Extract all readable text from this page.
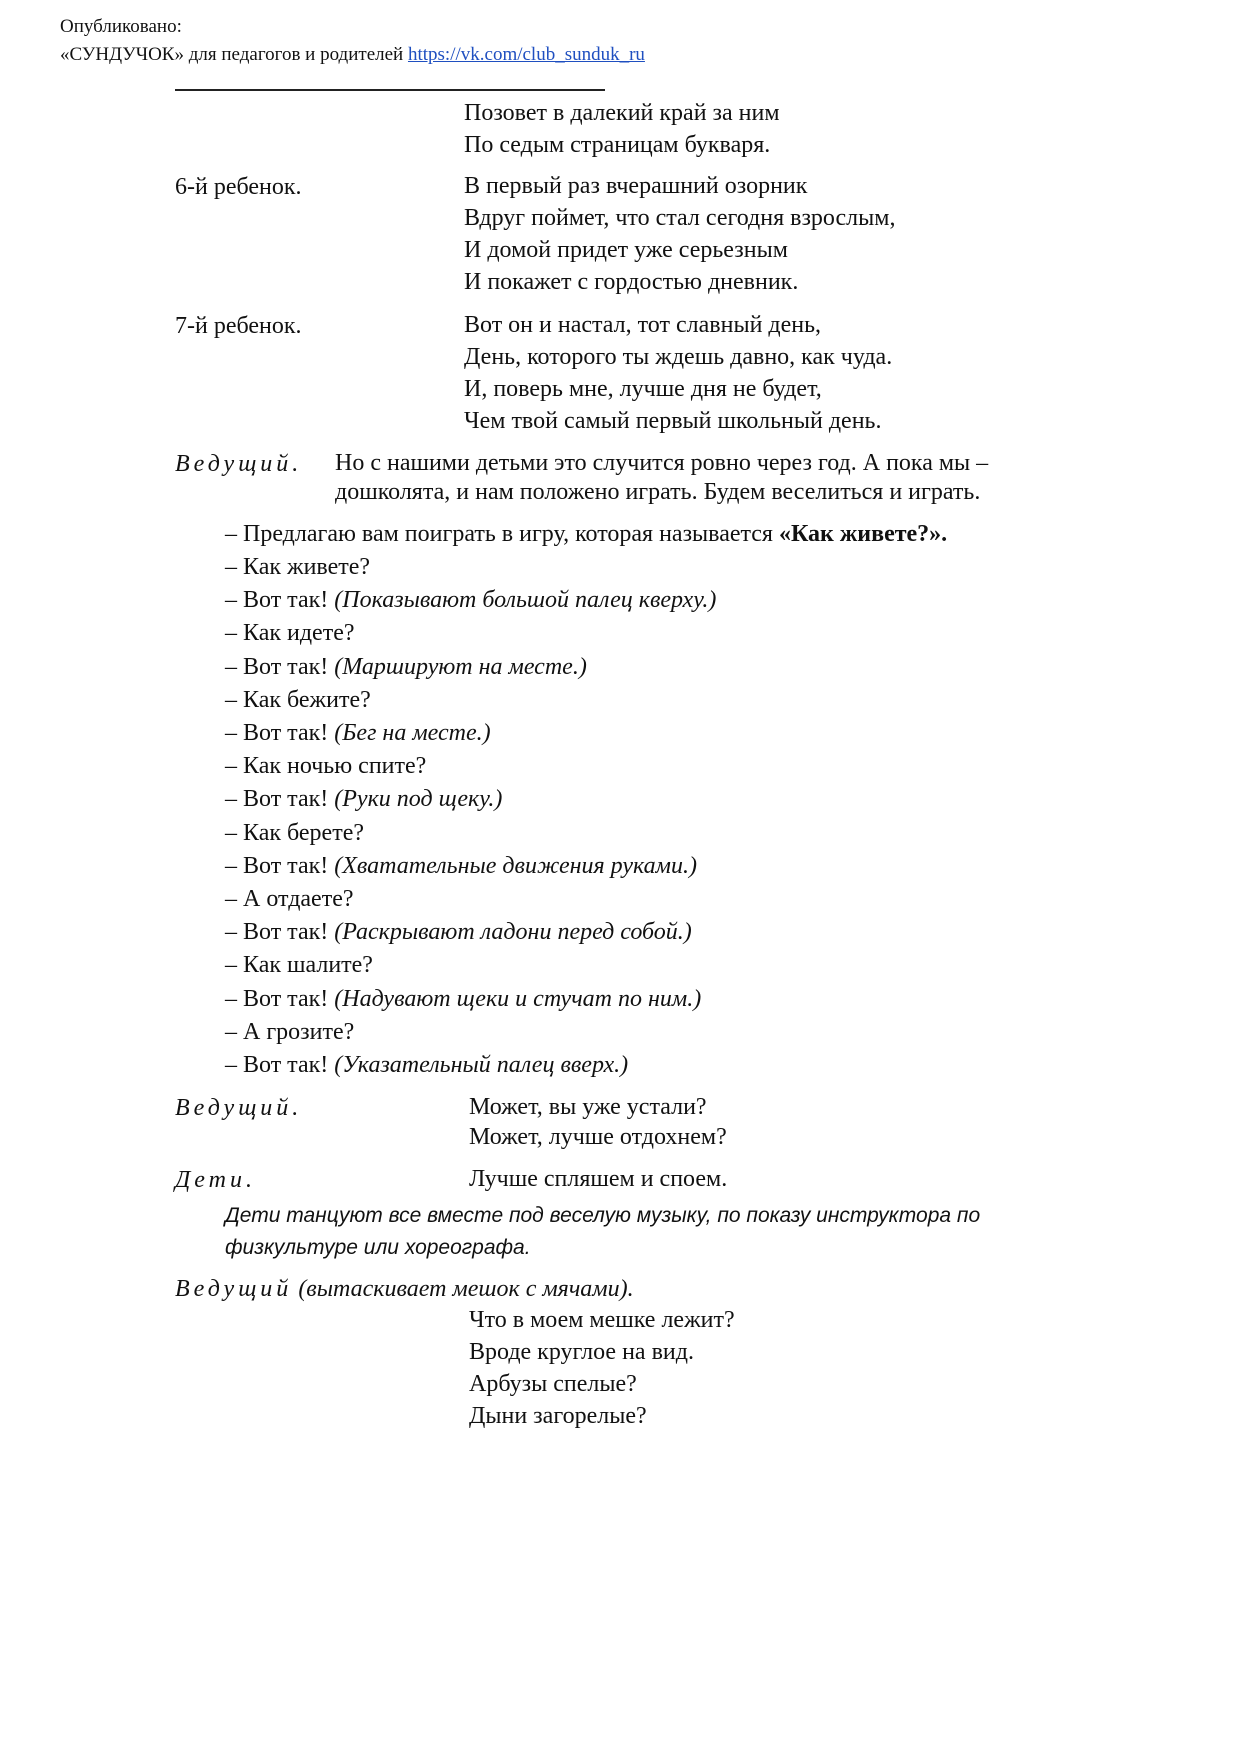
Опубликовано:
«СУНДУЧОК» для педагогов и родителей https://vk.com/club_sunduk_ru
Позовет в далекий край за ним
По седым страницам букваря.
6-й ребенок.	В первый раз вчерашний озорник
Вдруг поймет, что стал сегодня взрослым,
И домой придет уже серьезным
И покажет с гордостью дневник.
7-й ребенок.	Вот он и настал, тот славный день,
День, которого ты ждешь давно, как чуда.
И, поверь мне, лучше дня не будет,
Чем твой самый первый школьный день.
Ведущий. Но с нашими детьми это случится ровно через год. А пока мы –
дошколята, и нам положено играть. Будем веселиться и играть.
– Предлагаю вам поиграть в игру, которая называется «Как живете?».
– Как живете?
– Вот так! (Показывают большой палец кверху.)
– Как идете?
– Вот так! (Маршируют на месте.)
– Как бежите?
– Вот так! (Бег на месте.)
– Как ночью спите?
– Вот так! (Руки под щеку.)
– Как берете?
– Вот так! (Хватательные движения руками.)
– А отдаете?
– Вот так! (Раскрывают ладони перед собой.)
– Как шалите?
– Вот так! (Надувают щеки и стучат по ним.)
– А грозите?
– Вот так! (Указательный палец вверх.)
Ведущий.	Может, вы уже устали?
Может, лучше отдохнем?
Дети.	Лучше спляшем и споем.
Дети танцуют все вместе под веселую музыку, по показу инструктора по физкультуре или хореографа.
Ведущий (вытаскивает мешок с мячами).
Что в моем мешке лежит?
Вроде круглое на вид.
Арбузы спелые?
Дыни загорелые?
